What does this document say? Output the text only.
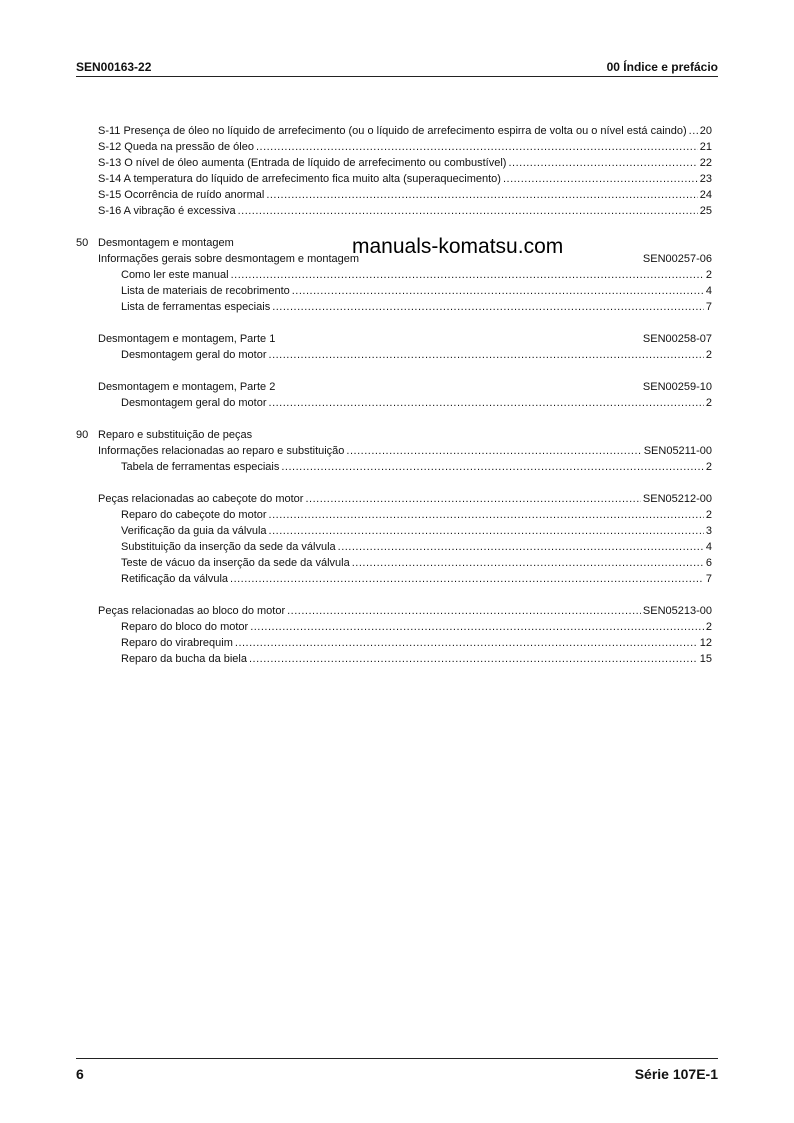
SEN00163-22	00 Índice e prefácio
manuals-komatsu.com
S-11 Presença de óleo no líquido de arrefecimento (ou o líquido de arrefecimento espirra de volta ou o nível está caindo) ..... 20
S-12 Queda na pressão de óleo .....	21
S-13 O nível de óleo aumenta (Entrada de líquido de arrefecimento ou combustível) .....	22
S-14 A temperatura do líquido de arrefecimento fica muito alta (superaquecimento) .....	23
S-15 Ocorrência de ruído anormal .....	24
S-16 A vibração é excessiva .....	25
50 Desmontagem e montagem
Informações gerais sobre desmontagem e montagem	SEN00257-06
Como ler este manual .....	2
Lista de materiais de recobrimento .....	4
Lista de ferramentas especiais .....	7
Desmontagem e montagem, Parte 1	SEN00258-07
Desmontagem geral do motor .....	2
Desmontagem e montagem, Parte 2	SEN00259-10
Desmontagem geral do motor .....	2
90 Reparo e substituição de peças
Informações relacionadas ao reparo e substituição .....	SEN05211-00
Tabela de ferramentas especiais .....	2
Peças relacionadas ao cabeçote do motor .....	SEN05212-00
Reparo do cabeçote do motor .....	2
Verificação da guia da válvula .....	3
Substituição da inserção da sede da válvula .....	4
Teste de vácuo da inserção da sede da válvula .....	6
Retificação da válvula .....	7
Peças relacionadas ao bloco do motor .....	SEN05213-00
Reparo do bloco do motor .....	2
Reparo do virabrequim .....	12
Reparo da bucha da biela .....	15
6	Série 107E-1
